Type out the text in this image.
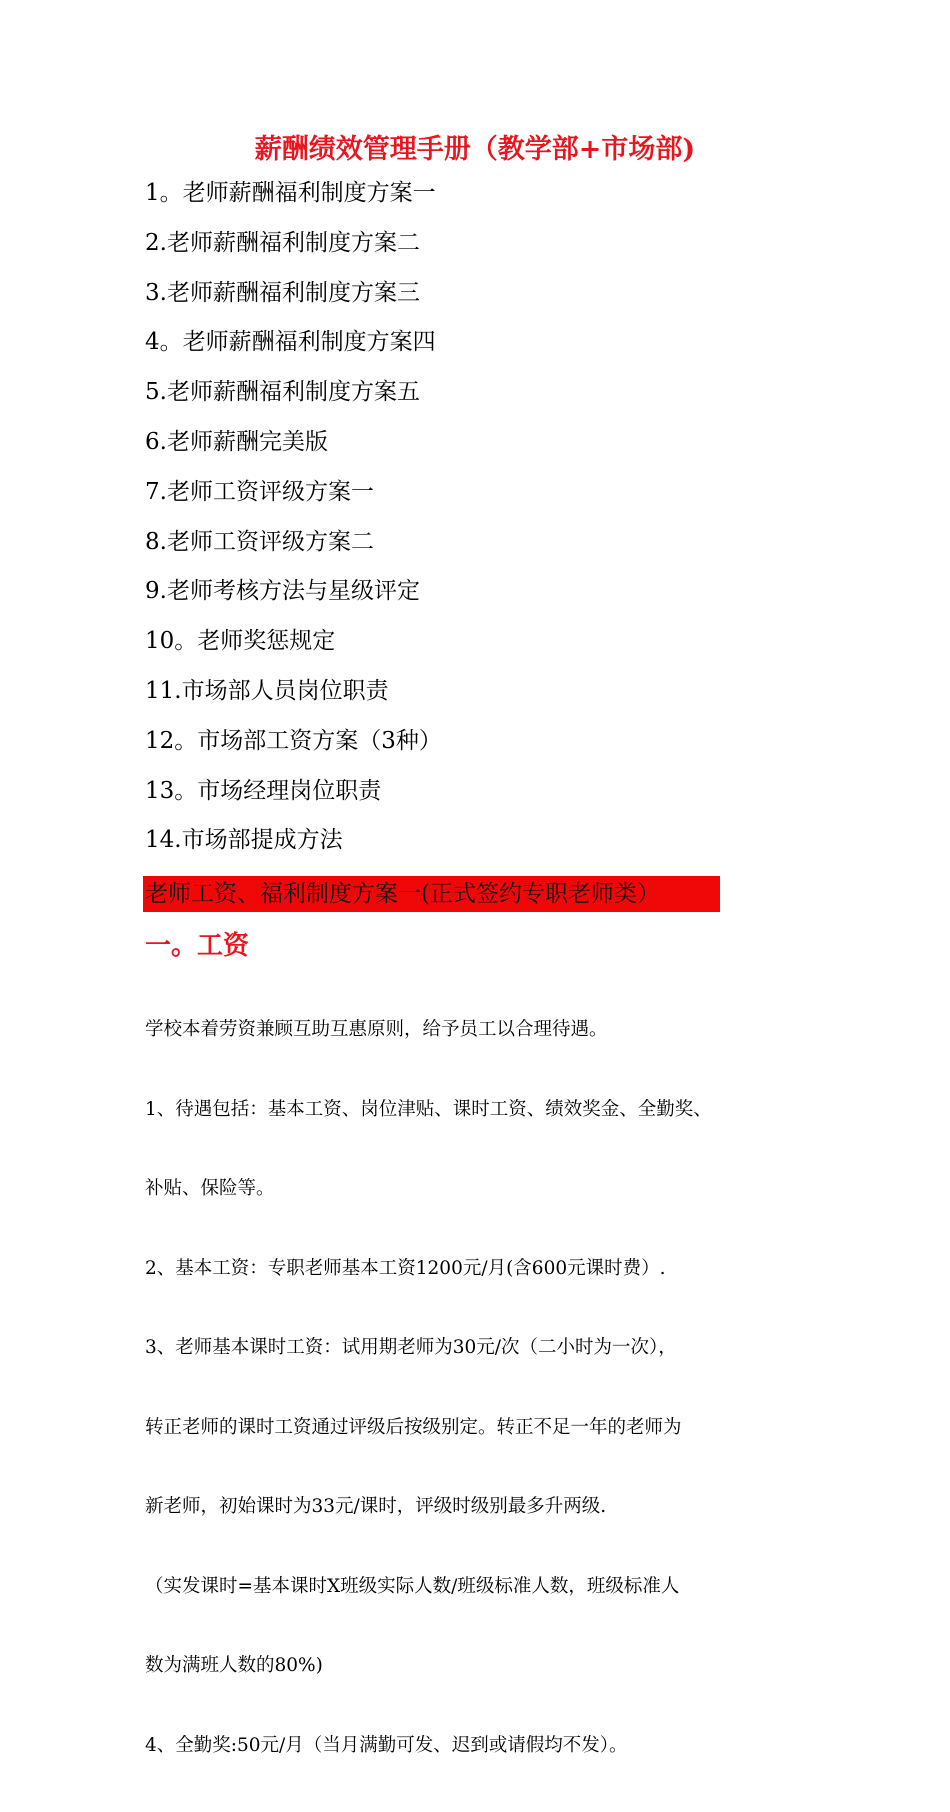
薪酬绩效管理手册（教学部+市场部)
1。老师薪酬福利制度方案一
2.老师薪酬福利制度方案二
3.老师薪酬福利制度方案三
4。老师薪酬福利制度方案四
5.老师薪酬福利制度方案五
6.老师薪酬完美版
7.老师工资评级方案一
8.老师工资评级方案二
9.老师考核方法与星级评定
10。老师奖惩规定
11.市场部人员岗位职责
12。市场部工资方案（3种）
13。市场经理岗位职责
14.市场部提成方法
老师工资、福利制度方案一(正式签约专职老师类）
一。工资

学校本着劳资兼顾互助互惠原则，给予员工以合理待遇。

1、待遇包括：基本工资、岗位津贴、课时工资、绩效奖金、全勤奖、

补贴、保险等。

2、基本工资：专职老师基本工资1200元/月(含600元课时费）.

3、老师基本课时工资：试用期老师为30元/次（二小时为一次），

转正老师的课时工资通过评级后按级别定。转正不足一年的老师为

新老师，初始课时为33元/课时，评级时级别最多升两级.

（实发课时=基本课时X班级实际人数/班级标准人数，班级标准人

数为满班人数的80%)

4、全勤奖:50元/月（当月满勤可发、迟到或请假均不发）。
